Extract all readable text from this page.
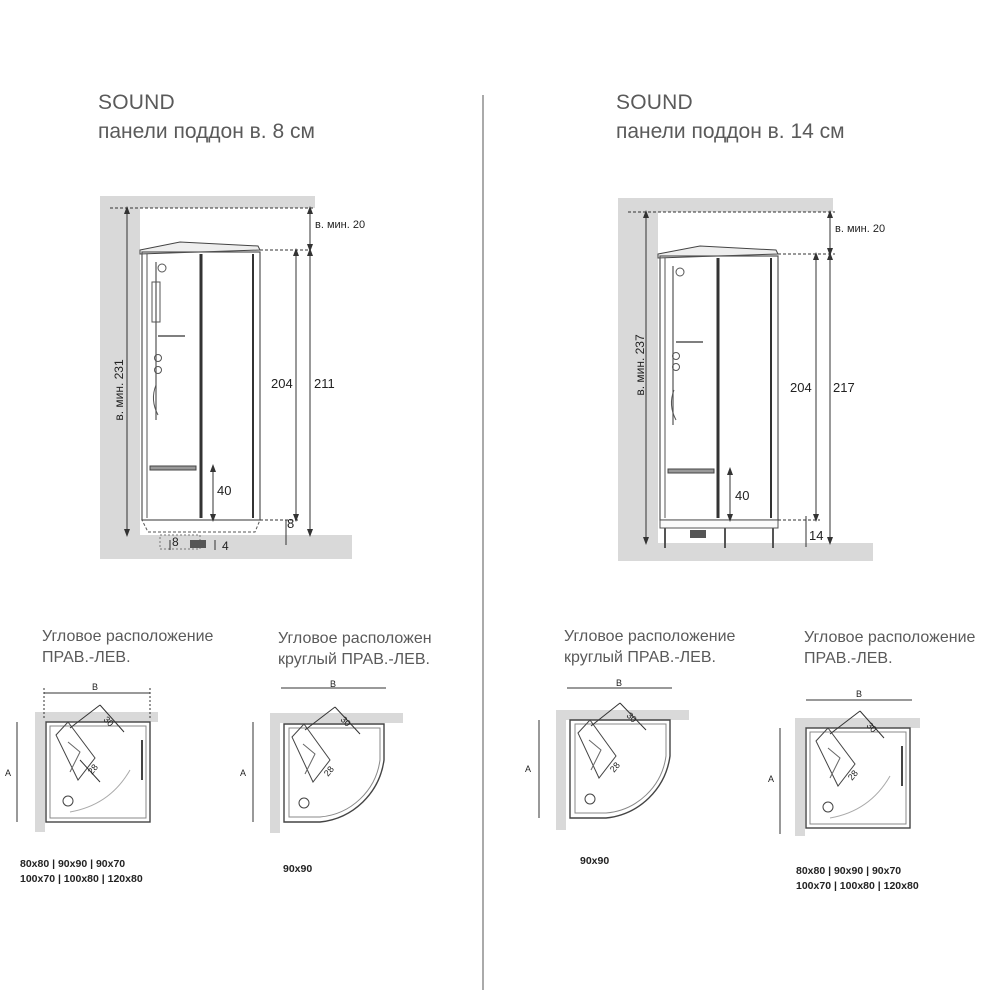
SOUND
панели поддон в. 8 см
SOUND
панели поддон в. 14 см
в. мин. 20
в. мин. 231	204 211
40
8
8	4
в. мин. 20
в. мин. 237	204 217
40
14
B
A
30
28
B
A
30
28
B
A
30
28
B
A
30
28
Угловое расположение
ПРАВ.-ЛЕВ.
Угловое расположен
круглый ПРАВ.-ЛЕВ.
Угловое расположение
круглый ПРАВ.-ЛЕВ.
Угловое расположение
ПРАВ.-ЛЕВ.
80x80 | 90x90 | 90x70
100x70 | 100x80 | 120x80
90x90
90x90
80x80 | 90x90 | 90x70
100x70 | 100x80 | 120x80
